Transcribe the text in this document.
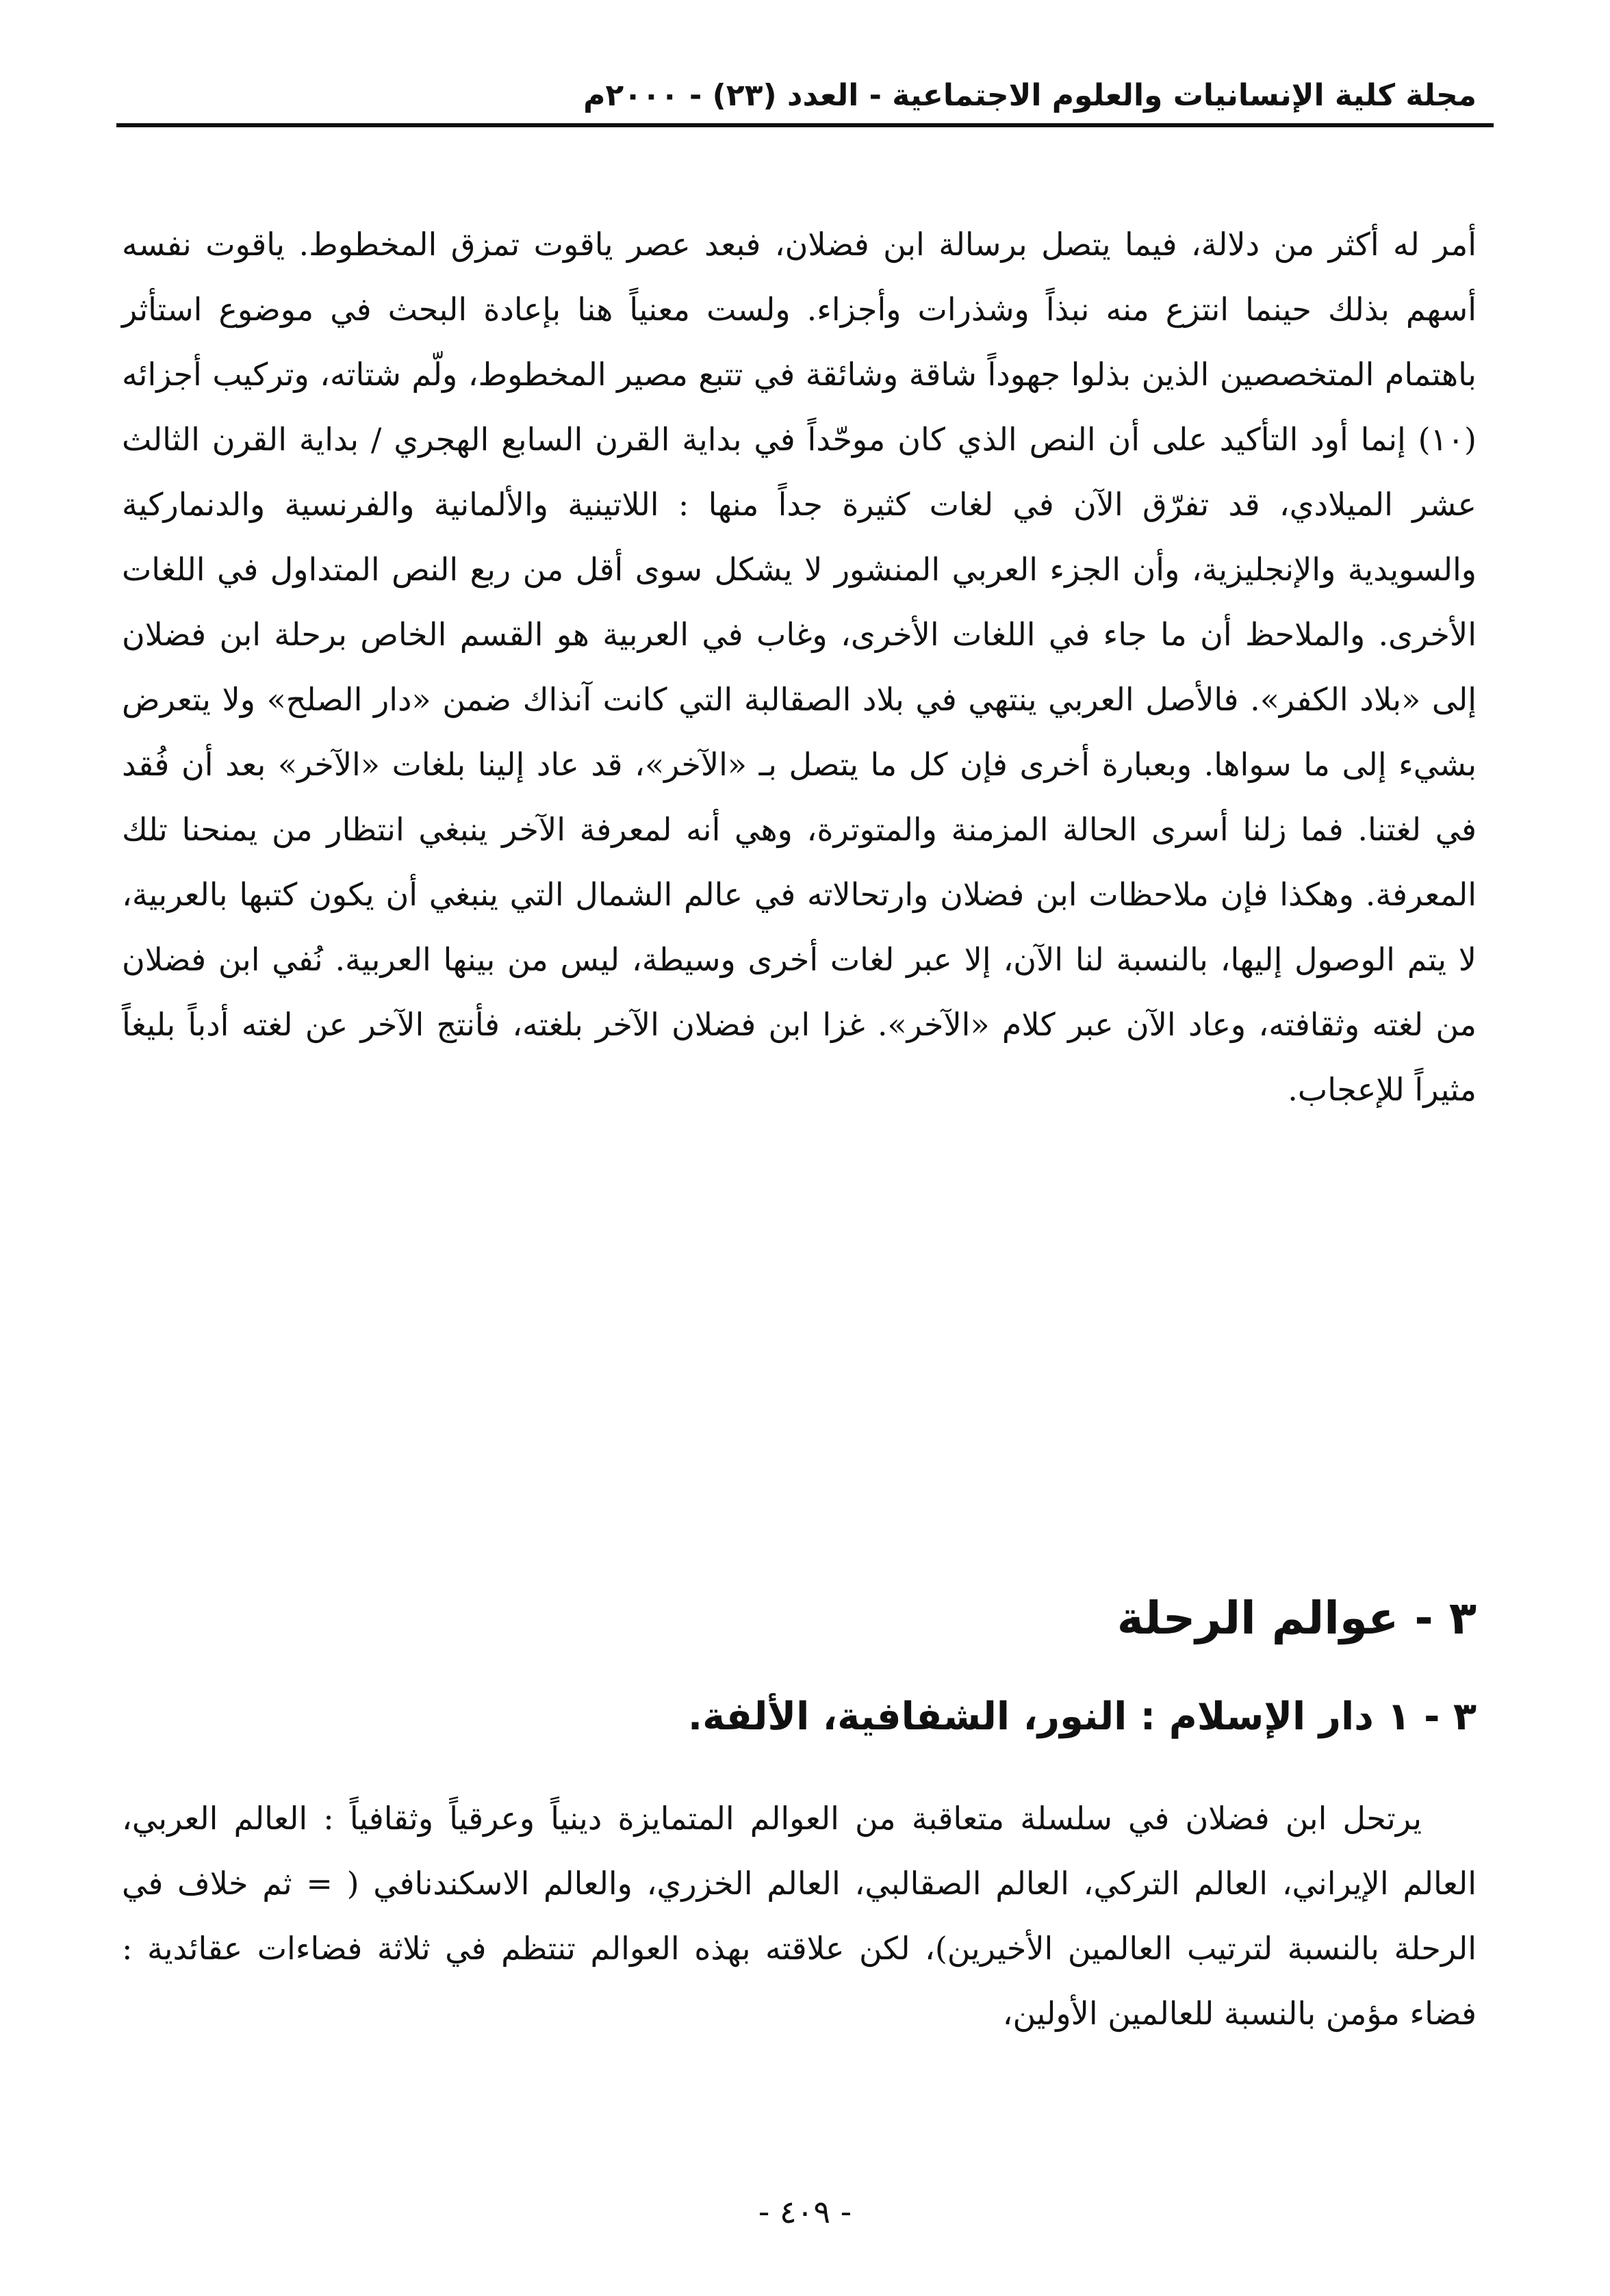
مجلة كلية الإنسانيات والعلوم الاجتماعية - العدد (٢٣) - ٢٠٠٠م

أمر له أكثر من دلالة، فيما يتصل برسالة ابن فضلان، فبعد عصر ياقوت تمزق المخطوط. ياقوت نفسه أسهم بذلك حينما انتزع منه نبذاً وشذرات وأجزاء. ولست معنياً هنا بإعادة البحث في موضوع استأثر باهتمام المتخصصين الذين بذلوا جهوداً شاقة وشائقة في تتبع مصير المخطوط، ولّم شتاته، وتركيب أجزائه (١٠) إنما أود التأكيد على أن النص الذي كان موحّداً في بداية القرن السابع الهجري / بداية القرن الثالث عشر الميلادي، قد تفرّق الآن في لغات كثيرة جداً منها : اللاتينية والألمانية والفرنسية والدنماركية والسويدية والإنجليزية، وأن الجزء العربي المنشور لا يشكل سوى أقل من ربع النص المتداول في اللغات الأخرى. والملاحظ أن ما جاء في اللغات الأخرى، وغاب في العربية هو القسم الخاص برحلة ابن فضلان إلى «بلاد الكفر». فالأصل العربي ينتهي في بلاد الصقالبة التي كانت آنذاك ضمن «دار الصلح» ولا يتعرض بشيء إلى ما سواها. وبعبارة أخرى فإن كل ما يتصل بـ «الآخر»، قد عاد إلينا بلغات «الآخر» بعد أن فُقد في لغتنا. فما زلنا أسرى الحالة المزمنة والمتوترة، وهي أنه لمعرفة الآخر ينبغي انتظار من يمنحنا تلك المعرفة. وهكذا فإن ملاحظات ابن فضلان وارتحالاته في عالم الشمال التي ينبغي أن يكون كتبها بالعربية، لا يتم الوصول إليها، بالنسبة لنا الآن، إلا عبر لغات أخرى وسيطة، ليس من بينها العربية. نُفي ابن فضلان من لغته وثقافته، وعاد الآن عبر كلام «الآخر». غزا ابن فضلان الآخر بلغته، فأنتج الآخر عن لغته أدباً بليغاً مثيراً للإعجاب.

٣ - عوالم الرحلة
٣ - ١ دار الإسلام : النور، الشفافية، الألفة.

يرتحل ابن فضلان في سلسلة متعاقبة من العوالم المتمايزة دينياً وعرقياً وثقافياً : العالم العربي، العالم الإيراني، العالم التركي، العالم الصقالبي، العالم الخزري، والعالم الاسكندنافي ( = ثم خلاف في الرحلة بالنسبة لترتيب العالمين الأخيرين)، لكن علاقته بهذه العوالم تنتظم في ثلاثة فضاءات عقائدية : فضاء مؤمن بالنسبة للعالمين الأولين،

- ٤٠٩ -
